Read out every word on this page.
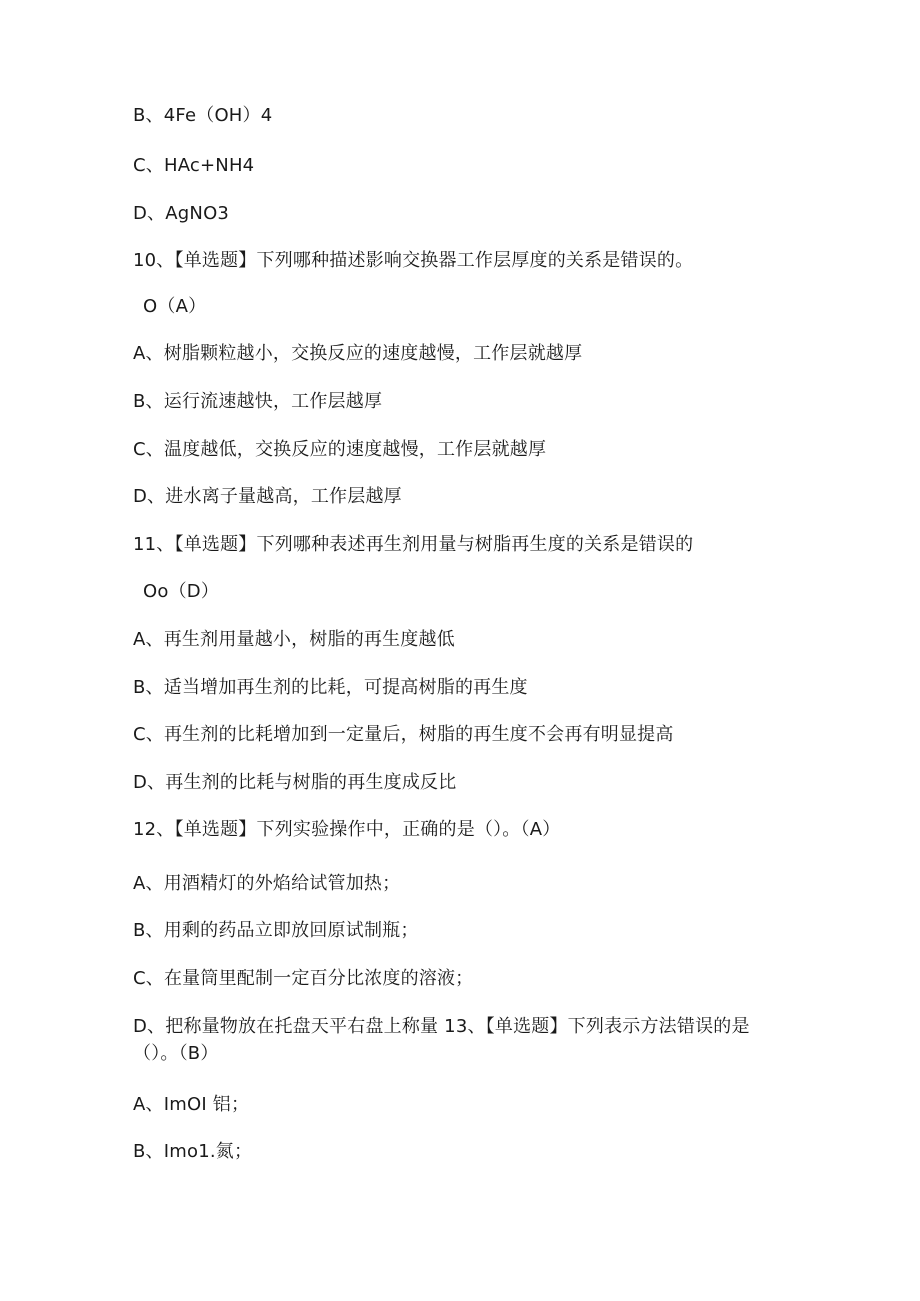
B、4Fe（OH）4
C、HAc+NH4
D、AgNO3
10、【单选题】下列哪种描述影响交换器工作层厚度的关系是错误的。
O（A）
A、树脂颗粒越小，交换反应的速度越慢，工作层就越厚
B、运行流速越快，工作层越厚
C、温度越低，交换反应的速度越慢，工作层就越厚
D、进水离子量越高，工作层越厚
11、【单选题】下列哪种表述再生剂用量与树脂再生度的关系是错误的
Oo（D）
A、再生剂用量越小，树脂的再生度越低
B、适当增加再生剂的比耗，可提高树脂的再生度
C、再生剂的比耗增加到一定量后，树脂的再生度不会再有明显提高
D、再生剂的比耗与树脂的再生度成反比
12、【单选题】下列实验操作中，正确的是（）。（A）
A、用酒精灯的外焰给试管加热；
B、用剩的药品立即放回原试制瓶；
C、在量筒里配制一定百分比浓度的溶液；
D、把称量物放在托盘天平右盘上称量 13、【单选题】下列表示方法错误的是（）。（B）
A、ImOI 铝；
B、Imo1.氮；
